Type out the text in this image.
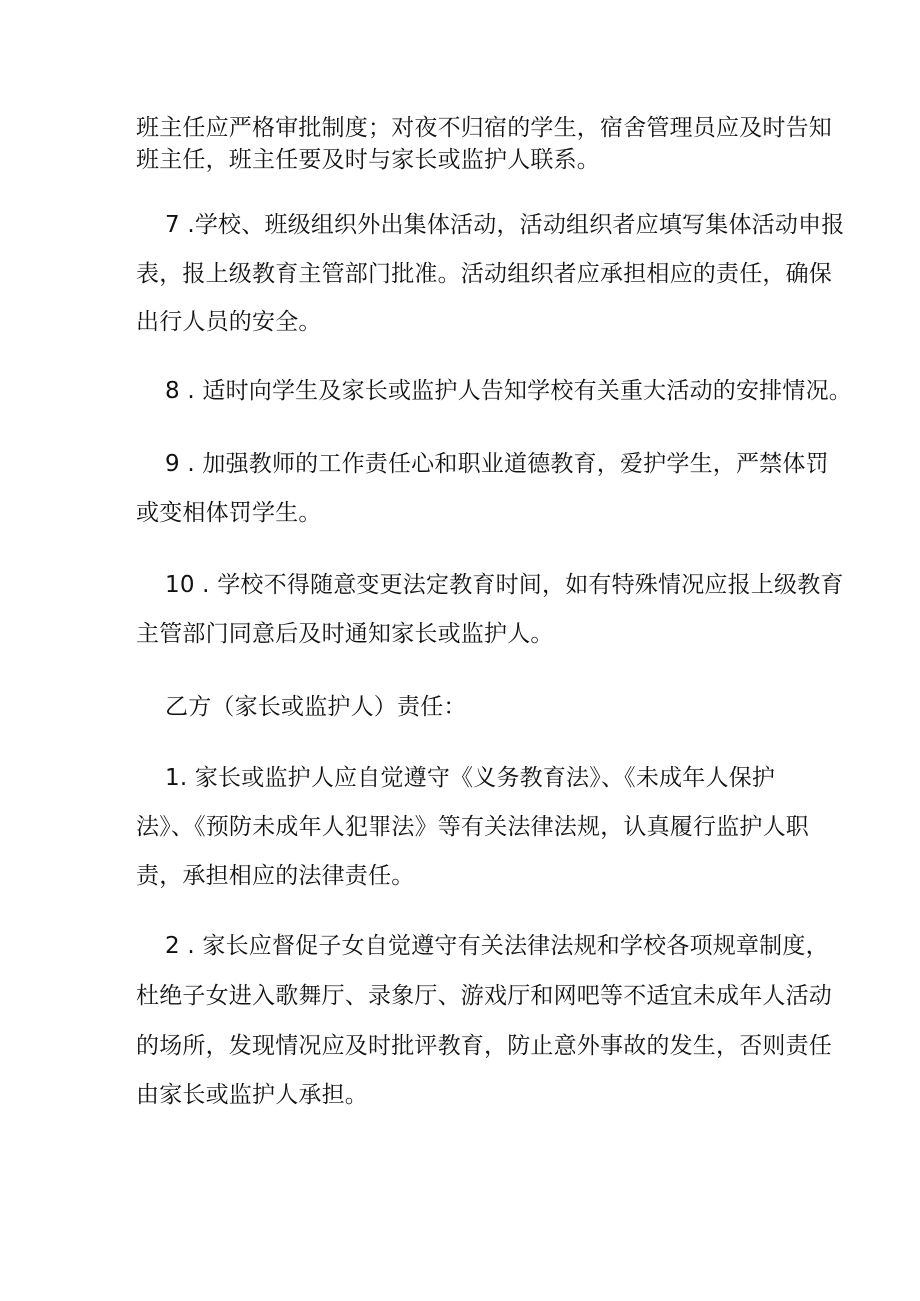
班主任应严格审批制度；对夜不归宿的学生，宿舍管理员应及时告知
班主任，班主任要及时与家长或监护人联系。
7 .学校、班级组织外出集体活动，活动组织者应填写集体活动申报
表，报上级教育主管部门批准。活动组织者应承担相应的责任，确保
出行人员的安全。
8 . 适时向学生及家长或监护人告知学校有关重大活动的安排情况。
9 . 加强教师的工作责任心和职业道德教育，爱护学生，严禁体罚
或变相体罚学生。
10 . 学校不得随意变更法定教育时间，如有特殊情况应报上级教育
主管部门同意后及时通知家长或监护人。
乙方（家长或监护人）责任：
1. 家长或监护人应自觉遵守《义务教育法》、《未成年人保护
法》、《预防未成年人犯罪法》等有关法律法规，认真履行监护人职
责，承担相应的法律责任。
2 . 家长应督促子女自觉遵守有关法律法规和学校各项规章制度，
杜绝子女进入歌舞厅、录象厅、游戏厅和网吧等不适宜未成年人活动
的场所，发现情况应及时批评教育，防止意外事故的发生，否则责任
由家长或监护人承担。
